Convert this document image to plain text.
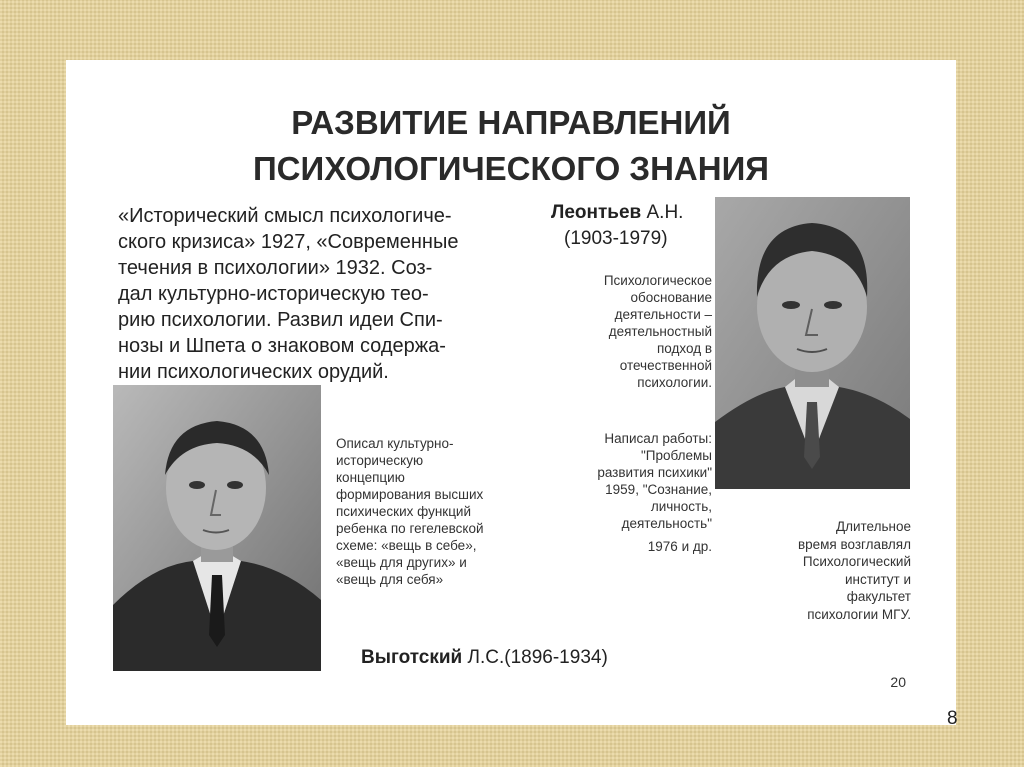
РАЗВИТИЕ НАПРАВЛЕНИЙ
ПСИХОЛОГИЧЕСКОГО ЗНАНИЯ
«Исторический смысл психологиче-
ского кризиса» 1927, «Современные
течения в психологии» 1932. Соз-
дал культурно-историческую тео-
рию психологии. Развил идеи Спи-
нозы и Шпета о знаковом содержа-
нии психологических орудий.
Описал культурно-
историческую
концепцию
формирования высших
психических функций
ребенка по гегелевской
схеме: «вещь в себе»,
«вещь для других» и
«вещь для себя»
Выготский Л.С.(1896-1934)
Леонтьев А.Н.
(1903-1979)
Психологическое
обоснование
деятельности –
деятельностный
подход в
отечественной
психологии.
Написал работы:
"Проблемы
развития психики"
1959, "Сознание,
личность,
деятельность"
1976 и др.
Длительное
время возглавлял
Психологический
институт и
факультет
психологии МГУ.
20
8
